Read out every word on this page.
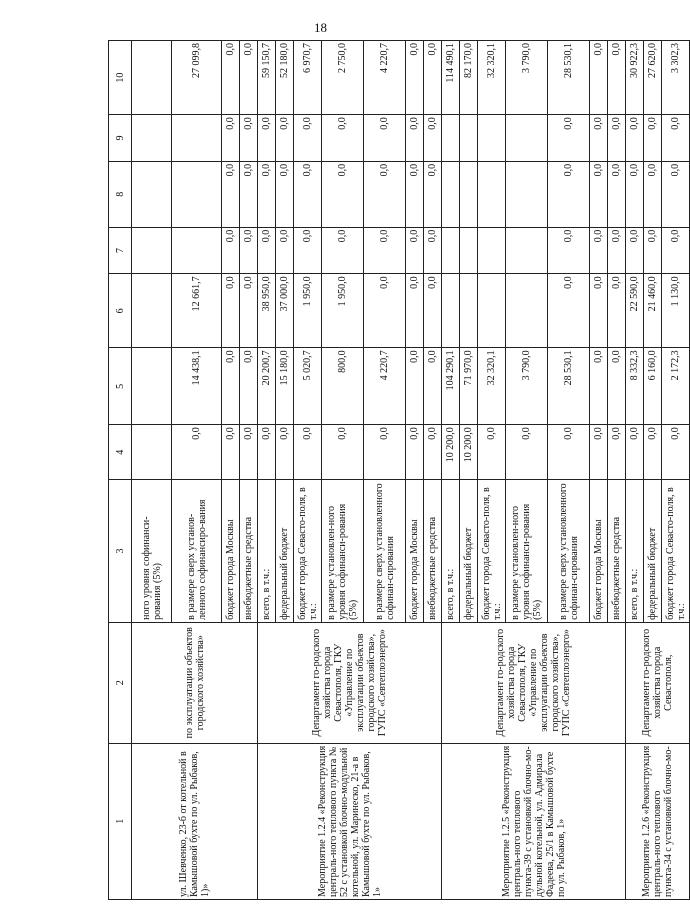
18
1	2	3	4	5	6	7	8	9	10
ул. Шевченко, 23-б от котельной в Камышовой бухте по ул. Рыбаков, 1)»	по эксплуатации объектов городского хозяйства»	ного уровня софинанси-рования (5%)							
		в размере сверх установ-ленного софинансиро-вания	0,0	14 438,1	12 661,7				27 099,8
		бюджет города Москвы	0,0	0,0	0,0	0,0	0,0	0,0	0,0
		внебюджетные средства	0,0	0,0	0,0	0,0	0,0	0,0	0,0
Мероприятие 1.2.4 «Реконструкция централь-ного теплового пункта № 52 с установкой блочно-модульной котельной, ул. Маринеско, 21-а в Камышовой бухте по ул. Рыбаков, 1»	Департамент го-родского хозяйства города Севастополя, ГКУ «Управление по эксплуатации объектов городского хозяйства», ГУПС «Севтеплоэнерго»	всего, в т.ч.:	0,0	20 200,7	38 950,0	0,0	0,0	0,0	59 150,7
		федеральный бюджет	0,0	15 180,0	37 000,0	0,0	0,0	0,0	52 180,0
		бюджет города Севасто-поля, в т.ч.:	0,0	5 020,7	1 950,0	0,0	0,0	0,0	6 970,7
		в размере установлен-ного уровня софинанси-рования (5%)	0,0	800,0	1 950,0	0,0	0,0	0,0	2 750,0
		в размере сверх установленного софинан-сирования	0,0	4 220,7	0,0	0,0	0,0	0,0	4 220,7
		бюджет города Москвы	0,0	0,0	0,0	0,0	0,0	0,0	0,0
		внебюджетные средства	0,0	0,0	0,0	0,0	0,0	0,0	0,0
Мероприятие 1.2.5 «Реконструкция централь-ного теплового пункта-39 с установкой блочно-мо-дульной котельной, ул. Адмирала Фадеева, 25/1 в Камышовой бухте по ул. Рыбаков, 1»	Департамент го-родского хозяйства города Севастополя, ГКУ «Управление по эксплуатации объектов городского хозяйства», ГУПС «Севтеплоэнерго»	всего, в т.ч.:	10 200,0	104 290,1					114 490,1
		федеральный бюджет	10 200,0	71 970,0					82 170,0
		бюджет города Севасто-поля, в т.ч.:	0,0	32 320,1					32 320,1
		в размере установлен-ного уровня софинанси-рования (5%)	0,0	3 790,0					3 790,0
		в размере сверх установленного софинан-сирования	0,0	28 530,1	0,0	0,0	0,0	0,0	28 530,1
		бюджет города Москвы	0,0	0,0	0,0	0,0	0,0	0,0	0,0
		внебюджетные средства	0,0	0,0	0,0	0,0	0,0	0,0	0,0
Мероприятие 1.2.6 «Реконструкция централь-ного теплового пункта-34 с установкой блочно-мо-	Департамент го-родского хозяйства города Севастополя,	всего, в т.ч.:	0,0	8 332,3	22 590,0	0,0	0,0	0,0	30 922,3
		федеральный бюджет	0,0	6 160,0	21 460,0	0,0	0,0	0,0	27 620,0
		бюджет города Севасто-поля, в т.ч.:	0,0	2 172,3	1 130,0	0,0	0,0	0,0	3 302,3
